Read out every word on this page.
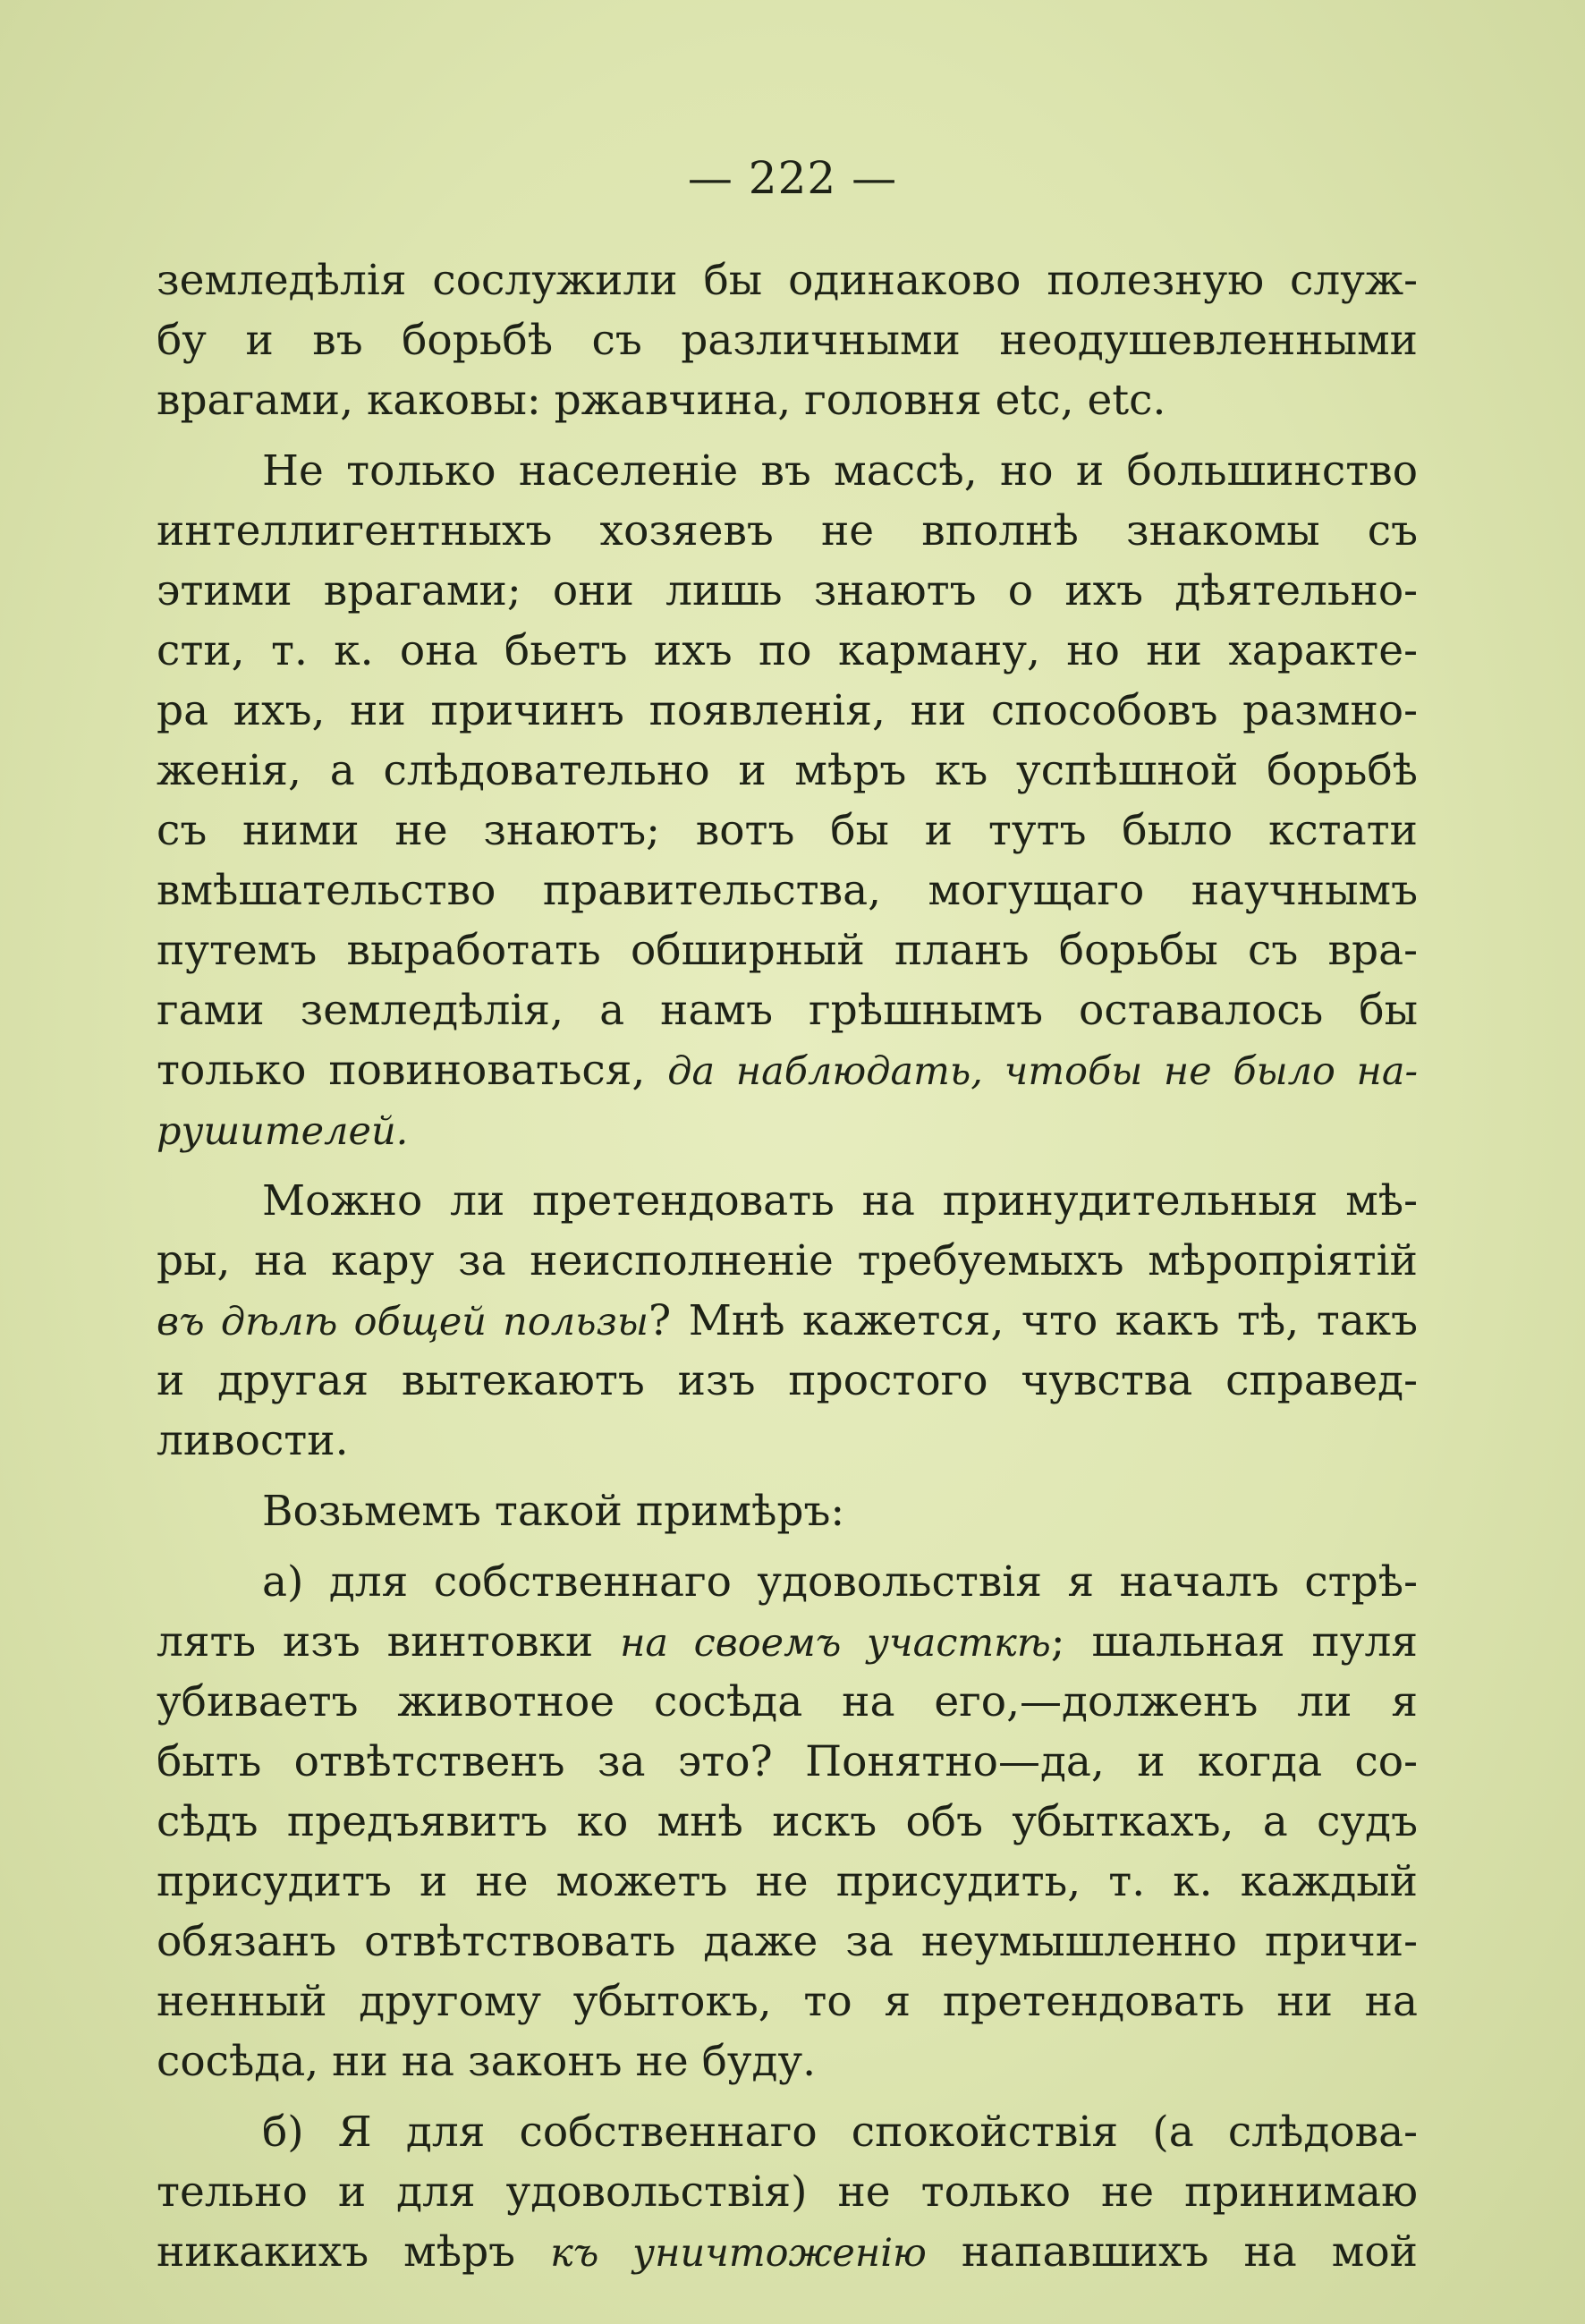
— 222 —
земледѣлія сослужили бы одинаково полезную служ-
бу и въ борьбѣ съ различными неодушевленными
врагами, каковы: ржавчина, головня etc, etc.
Не только населеніе въ массѣ, но и большинство
интеллигентныхъ хозяевъ не вполнѣ знакомы съ
этими врагами; они лишь знаютъ о ихъ дѣятельно-
сти, т. к. она бьетъ ихъ по карману, но ни характе-
ра ихъ, ни причинъ появленія, ни способовъ размно-
женія, а слѣдовательно и мѣръ къ успѣшной борьбѣ
съ ними не знаютъ; вотъ бы и тутъ было кстати
вмѣшательство правительства, могущаго научнымъ
путемъ выработать обширный планъ борьбы съ вра-
гами земледѣлія, а намъ грѣшнымъ оставалось бы
только повиноваться, да наблюдать, чтобы не было на-
рушителей.
Можно ли претендовать на принудительныя мѣ-
ры, на кару за неисполненіе требуемыхъ мѣропріятій
въ дѣлѣ общей пользы? Мнѣ кажется, что какъ тѣ, такъ
и другая вытекаютъ изъ простого чувства справед-
ливости.
Возьмемъ такой примѣръ:
а) для собственнаго удовольствія я началъ стрѣ-
лять изъ винтовки на своемъ участкѣ; шальная пуля
убиваетъ животное сосѣда на его,—долженъ ли я
быть отвѣтственъ за это? Понятно—да, и когда со-
сѣдъ предъявитъ ко мнѣ искъ объ убыткахъ, а судъ
присудитъ и не можетъ не присудить, т. к. каждый
обязанъ отвѣтствовать даже за неумышленно причи-
ненный другому убытокъ, то я претендовать ни на
сосѣда, ни на законъ не буду.
б) Я для собственнаго спокойствія (а слѣдова-
тельно и для удовольствія) не только не принимаю
никакихъ мѣръ къ уничтоженію напавшихъ на мой
